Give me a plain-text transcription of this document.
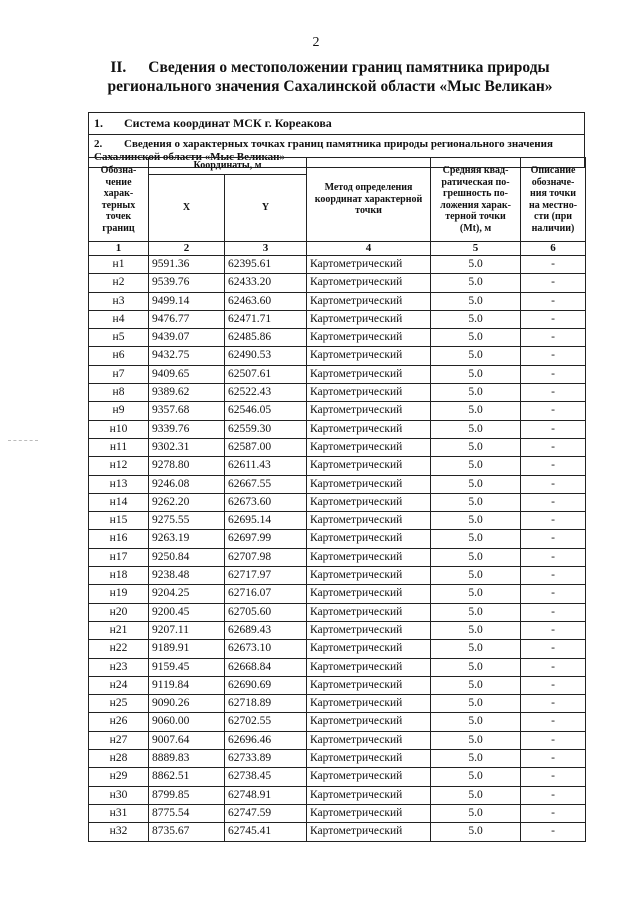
2
II. Сведения о местоположении границ памятника природы
регионального значения Сахалинской области «Мыс Великан»
1. Система координат МСК г. Кореакова
2. Сведения о характерных точках границ памятника природы регионального значения Сахалинской области «Мыс Великан»
Обозна-чение харак-терных точек границ	Координаты, м		Метод определения координат характерной точки	Средняя квад-ратическая по-грешность по-ложения харак-терной точки (Mt), м	Описание обозначе-ния точки на местно-сти (при наличии)
	X	Y			
1	2	3	4	5	6
н1	9591.36	62395.61	Картометрический	5.0	-
н2	9539.76	62433.20	Картометрический	5.0	-
н3	9499.14	62463.60	Картометрический	5.0	-
н4	9476.77	62471.71	Картометрический	5.0	-
н5	9439.07	62485.86	Картометрический	5.0	-
н6	9432.75	62490.53	Картометрический	5.0	-
н7	9409.65	62507.61	Картометрический	5.0	-
н8	9389.62	62522.43	Картометрический	5.0	-
н9	9357.68	62546.05	Картометрический	5.0	-
н10	9339.76	62559.30	Картометрический	5.0	-
н11	9302.31	62587.00	Картометрический	5.0	-
н12	9278.80	62611.43	Картометрический	5.0	-
н13	9246.08	62667.55	Картометрический	5.0	-
н14	9262.20	62673.60	Картометрический	5.0	-
н15	9275.55	62695.14	Картометрический	5.0	-
н16	9263.19	62697.99	Картометрический	5.0	-
н17	9250.84	62707.98	Картометрический	5.0	-
н18	9238.48	62717.97	Картометрический	5.0	-
н19	9204.25	62716.07	Картометрический	5.0	-
н20	9200.45	62705.60	Картометрический	5.0	-
н21	9207.11	62689.43	Картометрический	5.0	-
н22	9189.91	62673.10	Картометрический	5.0	-
н23	9159.45	62668.84	Картометрический	5.0	-
н24	9119.84	62690.69	Картометрический	5.0	-
н25	9090.26	62718.89	Картометрический	5.0	-
н26	9060.00	62702.55	Картометрический	5.0	-
н27	9007.64	62696.46	Картометрический	5.0	-
н28	8889.83	62733.89	Картометрический	5.0	-
н29	8862.51	62738.45	Картометрический	5.0	-
н30	8799.85	62748.91	Картометрический	5.0	-
н31	8775.54	62747.59	Картометрический	5.0	-
н32	8735.67	62745.41	Картометрический	5.0	-
